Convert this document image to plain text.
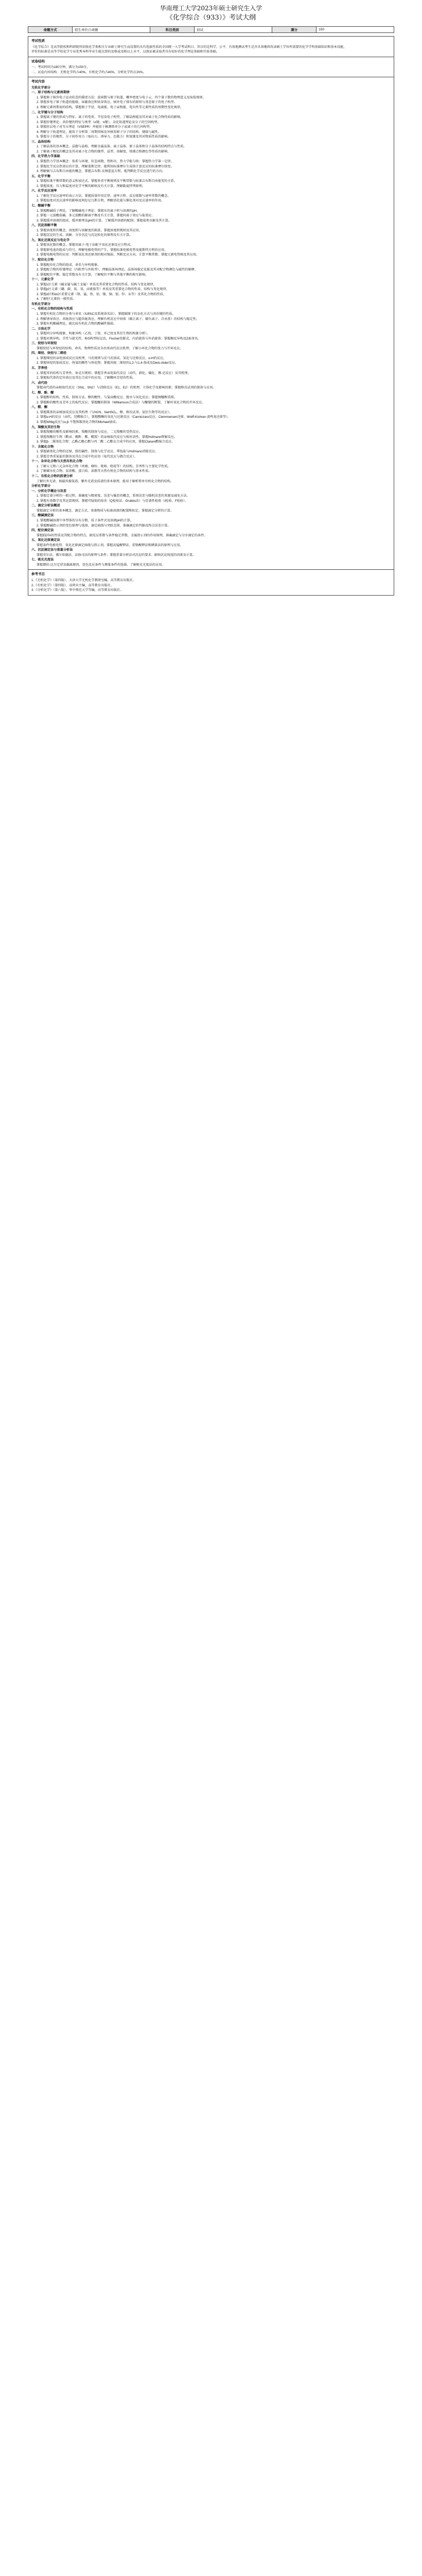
华南理工大学2023年硕士研究生入学
《化学综合（933）》考试大纲
命题方式	招生单位自命题	科目类别	初试	满分	150
考试性质

《化学综合》是高等院校和科研院所招收化学类相关专业硕士研究生而设置的具有选拔性质的全国统一入学考试科目。其目的是科学、公平、有效地测试考生是否具备继续攻读硕士学位所需要的化学学科基础知识和基本技能，

评价的标准是高等学校化学专业优秀本科毕业生能达到的及格或及格以上水平，以保证被录取者具有较好的化学理论基础和实验基础。

试卷结构

一、考试时间为180分钟，满分为150分。

二、试卷内容结构：无机化学约占40%，有机化学约占40%，分析化学约占20%。

考试内容

无机化学部分

一、原子结构与元素周期律

1. 掌握原子核外电子运动状态的描述方法：波函数与原子轨道、概率密度与电子云、四个量子数的物理意义及取值规则。

2. 掌握多电子原子轨道的能级、屏蔽效应和钻穿效应，核外电子排布的原则与基态原子的电子构型。

3. 理解元素周期表的结构，掌握原子半径、电离能、电子亲和能、电负性等元素性质的周期性变化规律。

二、化学键与分子结构

1. 掌握离子键的形成与特征、离子的电荷、半径及电子构型，了解晶格能及其对离子化合物性质的影响。

2. 掌握价键理论、共价键的特征与类型（σ键、π键），杂化轨道理论及分子的空间构型。

3. 掌握价层电子对互斥理论（VSEPR）并能用于推测简单分子或离子的几何构型。

4. 理解分子轨道理论，能用于分析第二周期同核及异核双原子分子的结构、键级与磁性。

5. 掌握分子的极性、分子间作用力（取向力、诱导力、色散力）和氢键及其对物质性质的影响。

三、晶体结构

1. 了解晶体的基本概念、晶胞与晶格，理解金属晶体、离子晶体、原子晶体和分子晶体的结构特点与性质。

2. 了解离子极化的概念及其对离子化合物的键型、晶型、溶解度、熔沸点和颜色等性质的影响。

四、化学热力学基础

1. 掌握热力学基本概念：体系与环境、状态函数、热和功、热力学能与焓；掌握热力学第一定律。

2. 掌握化学反应热效应的计算，理解盖斯定律，能利用标准摩尔生成焓计算反应的标准摩尔焓变。

3. 理解熵与吉布斯自由能的概念，掌握吉布斯-亥姆霍兹方程，能判断化学反应进行的方向。

五、化学平衡

1. 掌握标准平衡常数的意义和表达式，掌握多重平衡规则及平衡常数与标准吉布斯自由能变的关系。

2. 掌握浓度、压力和温度对化学平衡的影响及有关计算，理解勒夏特列原理。

六、化学反应速率

1. 了解化学反应速率的表示方法，掌握质量作用定律、速率方程、反应级数与速率常数的概念。

2. 掌握温度对反应速率的影响及阿伦尼乌斯方程，理解活化能与催化剂对反应速率的作用。

七、酸碱平衡

1. 掌握酸碱质子理论，了解酸碱电子理论；掌握水的离子积与溶液的pH。

2. 掌握一元弱酸弱碱、多元弱酸的解离平衡及有关计算，掌握同离子效应与盐效应。

3. 掌握缓冲溶液的组成、缓冲原理及pH的计算，了解缓冲溶液的配制；掌握盐类水解及其计算。

八、沉淀溶解平衡

1. 掌握溶度积的概念、溶度积与溶解度的换算，掌握溶度积规则及其应用。

2. 掌握沉淀的生成、溶解、分步沉淀与沉淀转化的原理及有关计算。

九、氧化还原反应与电化学

1. 掌握氧化数的概念，掌握用离子-电子法配平氧化还原反应方程式。

2. 掌握原电池的组成与符号，理解电极电势的产生，掌握标准电极电势及能斯特方程的应用。

3. 掌握电极电势的应用：判断氧化剂还原剂的相对强弱、判断反应方向、计算平衡常数；掌握元素电势图及其应用。

十、配位化合物

1. 掌握配位化合物的组成、命名与异构现象。

2. 掌握配合物的价键理论（内轨型与外轨型），理解晶体场理论、晶体场稳定化能及其对配合物颜色与磁性的解释。

3. 掌握配位平衡、稳定常数及有关计算，了解配位平衡与其他平衡的相互影响。

十一、元素化学

1. 掌握s区元素（碱金属与碱土金属）单质及其重要化合物的性质、结构与变化规律。

2. 掌握p区元素（硼、碳、氮、氧、卤素族等）单质及其重要化合物的性质、结构与变化规律。

3. 掌握d区和ds区重要元素（铬、锰、铁、钴、镍、铜、银、锌、汞等）及其化合物的性质。

4. 了解f区元素的一般性质。

有机化学部分

一、有机化合物的结构与性质

1. 掌握有机化合物的分类与命名（IUPAC及系统命名法），掌握碳原子的杂化方式与共价键的性质。

2. 理解诱导效应、共轭效应与超共轭效应，理解有机反应中间体（碳正离子、碳负离子、自由基）的结构与稳定性。

3. 掌握有机酸碱理论，能比较有机化合物的酸碱性强弱。

二、立体化学

1. 掌握同分异构现象，构象异构（乙烷、丁烷、环己烷及其衍生物的构象分析）。

2. 掌握对映异构、手性与旋光性，R/S构型标记法，Fischer投影式、内消旋体与外消旋体；掌握顺反异构及Z/E命名。

三、烷烃与环烷烃

掌握烷烃与环烷烃的结构、命名、物理性质及自由基卤代反应机理；了解小环化合物的张力与开环反应。

四、烯烃、炔烃与二烯烃

1. 掌握烯烃的亲电加成反应及机理、马氏规则与反马氏加成、氧化与还原反应、α-H的反应。

2. 掌握炔烃的加成反应、炔氢的酸性与炔化物；掌握共轭二烯烃的1,2-与1,4-加成及Diels-Alder反应。

五、芳香烃

1. 掌握苯的结构与芳香性、休克尔规则；掌握芳香亲电取代反应（卤代、硝化、磺化、傅-克反应）及其机理。

2. 掌握取代基的定位效应及其在合成中的应用，了解稠环芳烃的性质。

六、卤代烃

掌握卤代烃的亲核取代反应（SN1、SN2）与消除反应（E1、E2）的机理、立体化学及影响因素；掌握格氏试剂的制备与应用。

七、醇、酚、醚

1. 掌握醇的结构、性质、制备方法，醇的酸性、与氢卤酸反应、脱水与氧化反应；掌握频哪醇重排。

2. 掌握酚的酸性及芳环上的取代反应；掌握醚的制备（Williamson合成法）与醚键的断裂，了解环氧化合物的开环反应。

八、醛、酮

1. 掌握羰基的亲核加成反应及其机理（与HCN、NaHSO₃、醇、格氏试剂、氨衍生物等的反应）。

2. 掌握α-H的反应（卤代、羟醛缩合），掌握醛酮的氧化与还原反应（Cannizzaro反应、Clemmensen还原、Wolff-Kishner-黄鸣龙还原等）。

3. 掌握Wittig反应与α,β-不饱和羰基化合物的Michael加成。

九、羧酸及其衍生物

1. 掌握羧酸的酸性及影响因素，羧酸的制备与反应，二元羧酸的受热反应。

2. 掌握羧酸衍生物（酰卤、酸酐、酯、酰胺）的亲核取代反应与相对活性，掌握Hofmann降解反应。

3. 掌握β-二羰基化合物：乙酰乙酸乙酯与丙二酸二乙酯在合成中的应用，掌握Claisen酯缩合反应。

十、含氮化合物

1. 掌握硝基化合物的还原，胺的碱性、制备与化学反应，季铵盐与Hofmann消除反应。

2. 掌握芳香重氮盐的制备及其在合成中的应用（取代反应与偶合反应）。

十一、杂环化合物与天然有机化合物

1. 了解五元和六元杂环化合物（呋喃、噻吩、吡咯、吡啶等）的结构、芳香性与主要化学性质。

2. 了解碳水化合物、氨基酸、蛋白质、油脂等天然有机化合物的结构与基本性质。

十二、有机化合物的波谱分析

了解红外光谱、核磁共振氢谱、紫外光谱及质谱的基本原理，能用于解析简单有机化合物的结构。

分析化学部分

一、分析化学概论与误差

1. 掌握定量分析的一般过程，准确度与精密度、误差与偏差的概念，系统误差与随机误差的来源及减免方法。

2. 掌握有效数字及其运算规则，掌握可疑值的取舍（Q检验法、Grubbs法）与显著性检验（t检验、F检验）。

二、滴定分析法概述

掌握滴定分析的基本概念、滴定方式、基准物质与标准溶液的配制和标定，掌握滴定分析的计算。

三、酸碱滴定法

1. 掌握酸碱溶液中各型体的分布分数、质子条件式及溶液pH的计算。

2. 掌握酸碱指示剂的变色原理与选择，滴定曲线与突跃范围，准确滴定的判据及终点误差计算。

四、配位滴定法

掌握EDTA的性质及其配合物的特点、副反应系数与条件稳定常数，金属指示剂的作用原理，准确滴定与分步滴定的条件。

五、氧化还原滴定法

掌握条件电极电势、氧化还原滴定曲线与指示剂，掌握高锰酸钾法、重铬酸钾法和碘量法的原理与应用。

六、沉淀滴定法与重量分析法

掌握莫尔法、佛尔哈德法、法扬司法的原理与条件；掌握重量分析法对沉淀的要求、影响沉淀纯度的因素及计算。

七、吸光光度法

掌握朗伯-比尔定律及偏离原因，显色反应条件与测量条件的选择，了解吸光光度法的应用。

参考书目

1.《无机化学》（第四版），天津大学无机化学教研室编，高等教育出版社。

2.《有机化学》（第四版），高鸿宾主编，高等教育出版社。

3.《分析化学》（第六版），华中师范大学等编，高等教育出版社。
